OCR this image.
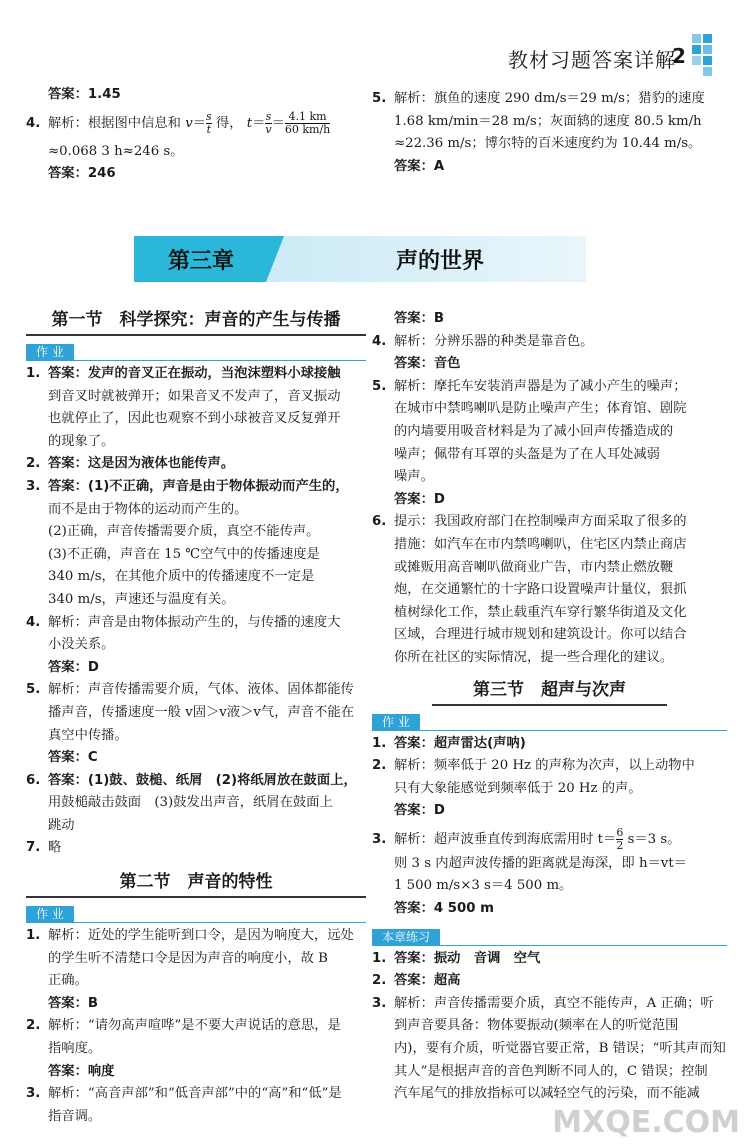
教材习题答案详解
2

答案：1.45

4. 解析：根据图中信息和 $v= \frac{s}{t}$ 得， $t= \frac{s}{v} = \frac{4.1 km}{60 km/h}$

≈0.068 3 h≈246 s。

答案：246

5. 解析：旗鱼的速度 290 dm/s＝29 m/s；猎豹的速度

1.68 km/min＝28 m/s；灰面鸫的速度 80.5 km/h

≈22.36 m/s；博尔特的百米速度约为 10.44 m/s。

答案：A

第三章	声的世界
第一节　科学探究：声音的产生与传播
作 业
1. 答案：发声的音叉正在振动，当泡沫塑料小球接触

到音叉时就被弹开；如果音叉不发声了，音叉振动

也就停止了，因此也观察不到小球被音叉反复弹开

的现象了。

2. 答案：这是因为液体也能传声。

3. 答案：(1)不正确，声音是由于物体振动而产生的，

而不是由于物体的运动而产生的。

(2)正确，声音传播需要介质，真空不能传声。

(3)不正确，声音在 15 ℃空气中的传播速度是

340 m/s，在其他介质中的传播速度不一定是

340 m/s，声速还与温度有关。

4. 解析：声音是由物体振动产生的，与传播的速度大

小没关系。

答案：D

5. 解析：声音传播需要介质，气体、液体、固体都能传

播声音，传播速度一般 v固＞v液＞v气，声音不能在

真空中传播。

答案：C

6. 答案：(1)鼓、鼓槌、纸屑　(2)将纸屑放在鼓面上，

用鼓槌敲击鼓面　(3)鼓发出声音，纸屑在鼓面上

跳动

7. 略

第二节　声音的特性
作 业
1. 解析：近处的学生能听到口令，是因为响度大，远处

的学生听不清楚口令是因为声音的响度小，故 B

正确。

答案：B

2. 解析：“请勿高声喧哗”是不要大声说话的意思，是

指响度。

答案：响度

3. 解析：“高音声部”和“低音声部”中的“高”和“低”是

指音调。

答案：B

4. 解析：分辨乐器的种类是靠音色。

答案：音色

5. 解析：摩托车安装消声器是为了减小产生的噪声；

在城市中禁鸣喇叭是防止噪声产生；体育馆、剧院

的内墙要用吸音材料是为了减小回声传播造成的

噪声；佩带有耳罩的头盔是为了在人耳处减弱

噪声。

答案：D

6. 提示：我国政府部门在控制噪声方面采取了很多的

措施：如汽车在市内禁鸣喇叭，住宅区内禁止商店

或摊贩用高音喇叭做商业广告，市内禁止燃放鞭

炮，在交通繁忙的十字路口设置噪声计量仪，狠抓

植树绿化工作，禁止载重汽车穿行繁华街道及文化

区域，合理进行城市规划和建筑设计。你可以结合

你所在社区的实际情况，提一些合理化的建议。

第三节　超声与次声
作 业
1. 答案：超声雷达(声呐)

2. 解析：频率低于 20 Hz 的声称为次声，以上动物中

只有大象能感觉到频率低于 20 Hz 的声。

答案：D

3. 解析：超声波垂直传到海底需用时 $t= \frac{6}{2} s=3$ s。

则 3 s 内超声波传播的距离就是海深，即 h＝vt＝

1 500 m/s×3 s＝4 500 m。

答案：4 500 m

本章练习
1. 答案：振动　音调　空气

2. 答案：超高

3. 解析：声音传播需要介质，真空不能传声，A 正确；听

到声音要具备：物体要振动(频率在人的听觉范围

内)，要有介质，听觉器官要正常，B 错误；“听其声而知

其人”是根据声音的音色判断不同人的，C 错误；控制

汽车尾气的排放指标可以减轻空气的污染，而不能减

MXQE.COM
